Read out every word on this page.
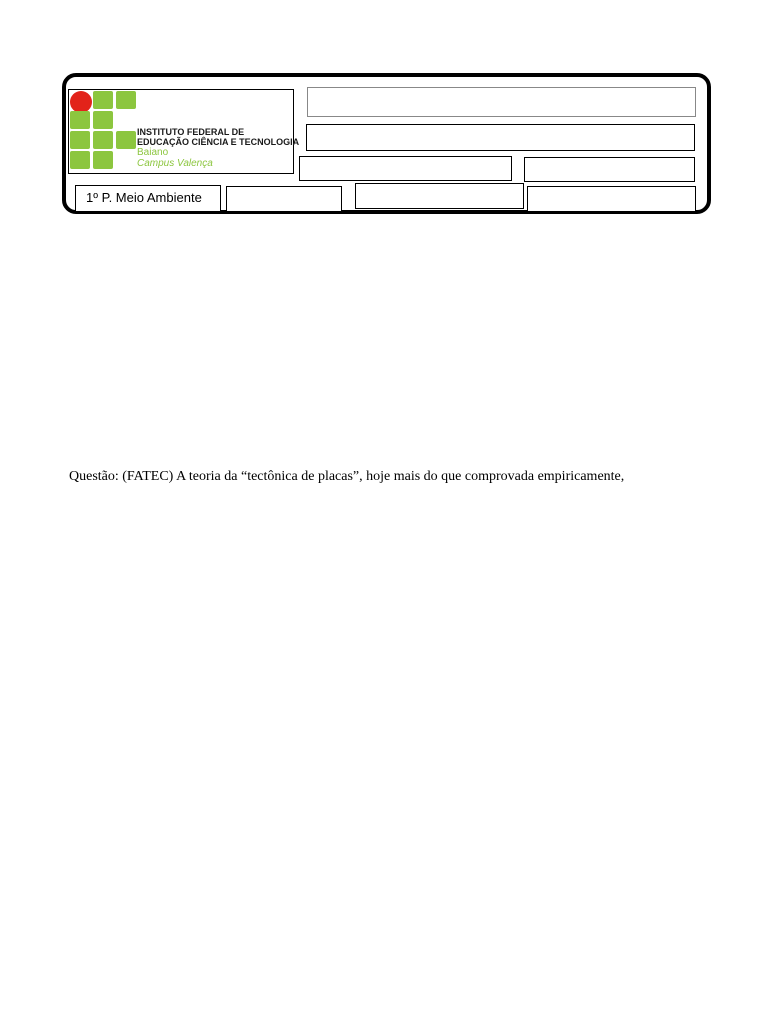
INSTITUTO FEDERAL DE
EDUCAÇÃO CIÊNCIA E TECNOLOGIA
Baiano
Campus Valença
1º P. Meio Ambiente
Questão: (FATEC) A teoria da “tectônica de placas”, hoje mais do que comprovada empiricamente,
